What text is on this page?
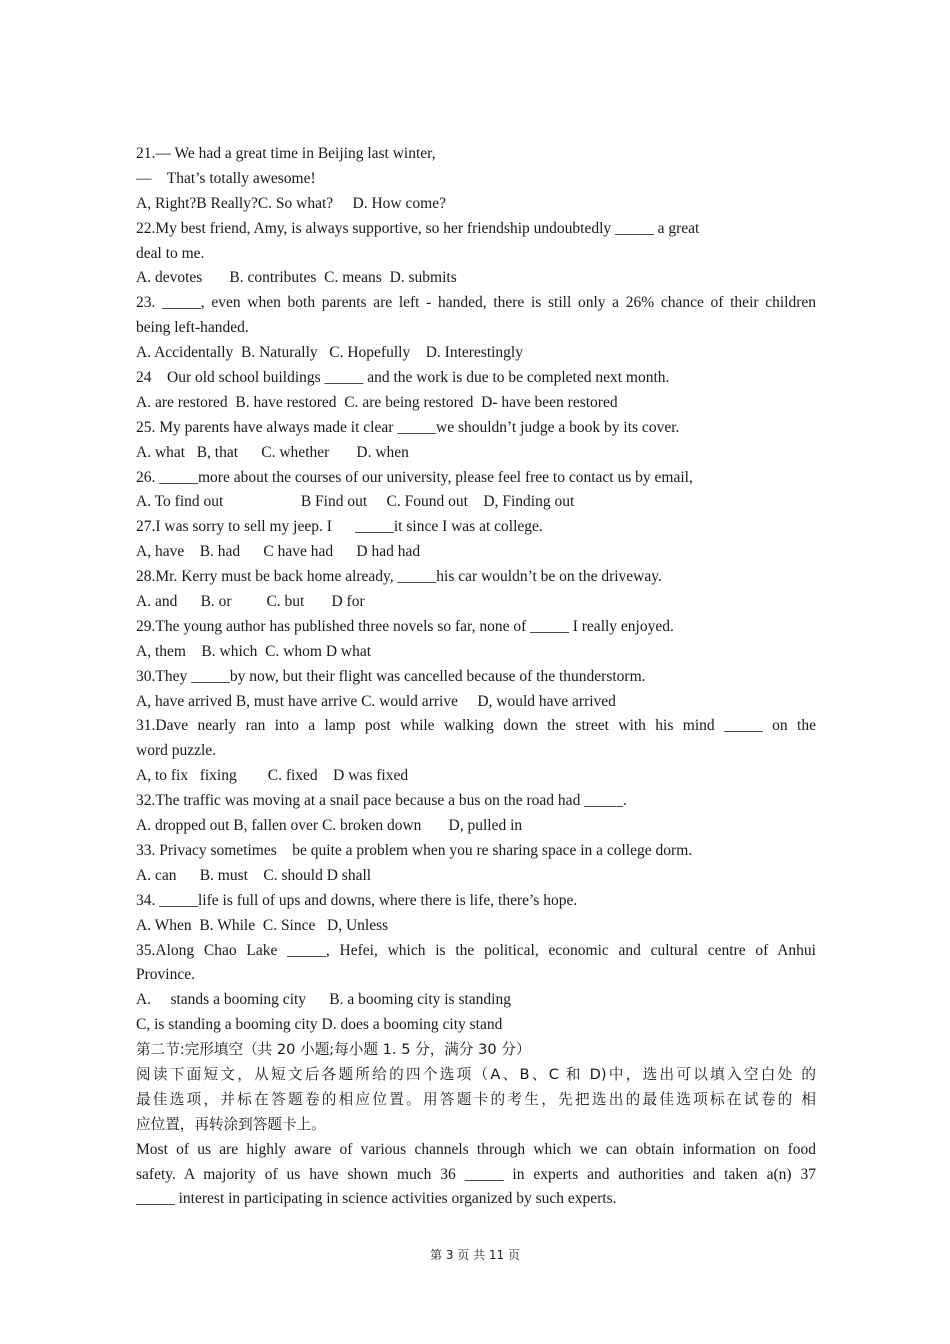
21.— We had a great time in Beijing last winter,
—    That’s totally awesome!
A, Right?B Really?C. So what?     D. How come?
22.My best friend, Amy, is always supportive, so her friendship undoubtedly _____ a great
deal to me.
A. devotes       B. contributes  C. means  D. submits
23. _____, even when both parents are left - handed, there is still only a 26% chance of their children
being left-handed.
A. Accidentally  B. Naturally   C. Hopefully    D. Interestingly
24    Our old school buildings _____ and the work is due to be completed next month.
A. are restored  B. have restored  C. are being restored  D- have been restored
25. My parents have always made it clear _____we shouldn’t judge a book by its cover.
A. what   B, that      C. whether       D. when
26. _____more about the courses of our university, please feel free to contact us by email,
A. To find out                    B Find out     C. Found out    D, Finding out
27.I was sorry to sell my jeep. I      _____it since I was at college.
A, have    B. had      C have had      D had had
28.Mr. Kerry must be back home already, _____his car wouldn’t be on the driveway.
A. and      B. or         C. but       D for
29.The young author has published three novels so far, none of _____ I really enjoyed.
A, them    B. which  C. whom D what
30.They _____by now, but their flight was cancelled because of the thunderstorm.
A, have arrived B, must have arrive C. would arrive     D, would have arrived
31.Dave nearly ran into a lamp post while walking down the street with his mind _____ on the
word puzzle.
A, to fix   fixing        C. fixed    D was fixed
32.The traffic was moving at a snail pace because a bus on the road had _____.
A. dropped out B, fallen over C. broken down       D, pulled in
33. Privacy sometimes    be quite a problem when you re sharing space in a college dorm.
A. can      B. must    C. should D shall
34. _____life is full of ups and downs, where there is life, there’s hope.
A. When  B. While  C. Since   D, Unless
35.Along Chao Lake _____, Hefei, which is the political, economic and cultural centre of Anhui
Province.
A.     stands a booming city      B. a booming city is standing
C, is standing a booming city D. does a booming city stand
第二节:完形填空（共 20 小题;每小题 1. 5 分，满分 30 分）
阅读下面短文，从短文后各题所给的四个选项（A、B、C 和 D)中，选出可以填入空白处 的
最佳选项，并标在答题卷的相应位置。用答题卡的考生，先把选出的最佳选项标在试卷的 相
应位置，再转涂到答题卡上。
Most of us are highly aware of various channels through which we can obtain information on food
safety. A majority of us have shown much 36 _____ in experts and authorities and taken a(n) 37
_____ interest in participating in science activities organized by such experts.
第 3 页 共 11 页
